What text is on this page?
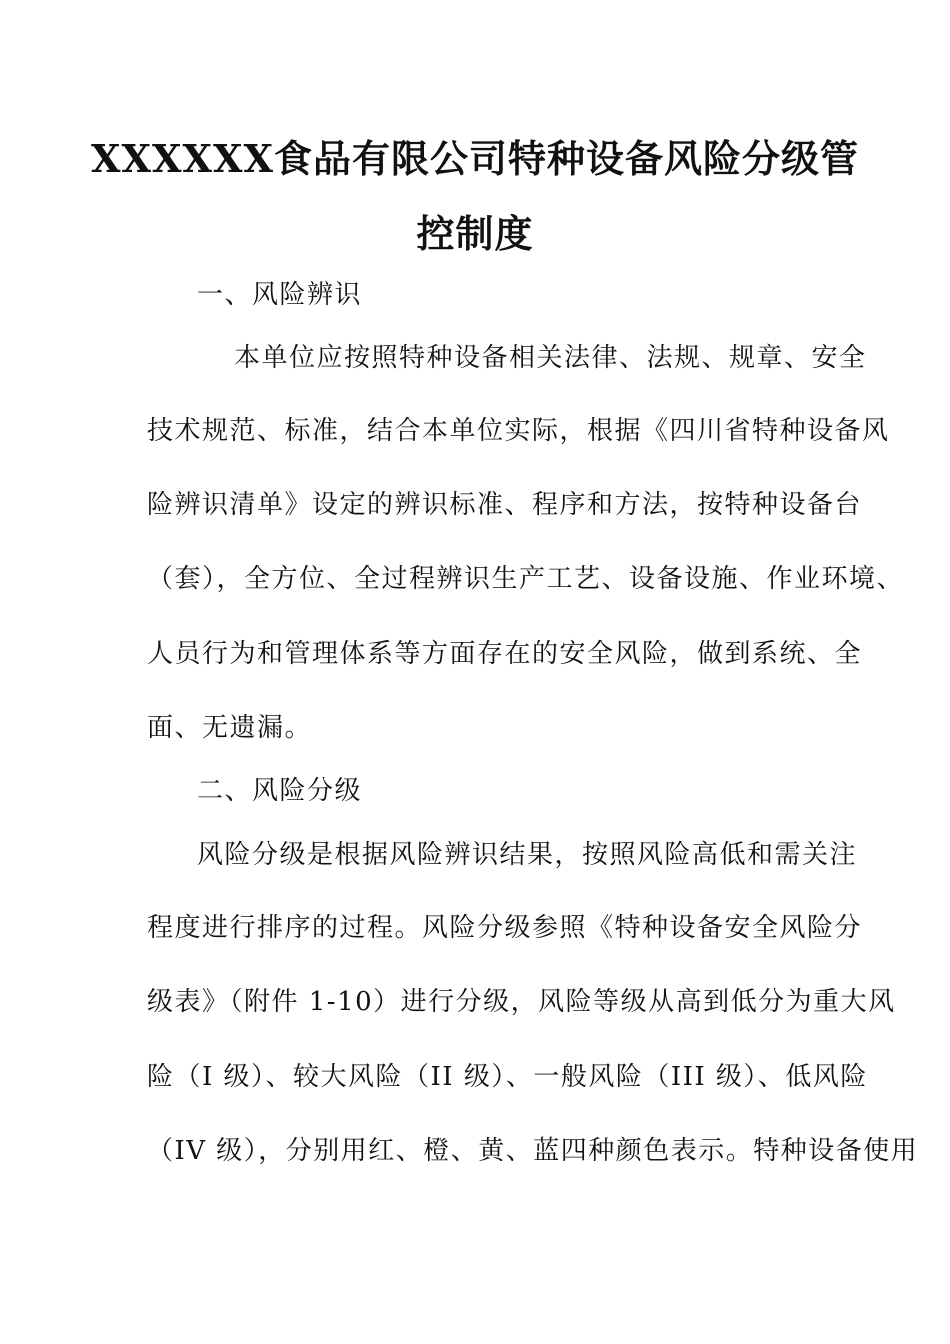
XXXXXX食品有限公司特种设备风险分级管
控制度
一、风险辨识
本单位应按照特种设备相关法律、法规、规章、安全
技术规范、标准，结合本单位实际，根据《四川省特种设备风
险辨识清单》设定的辨识标准、程序和方法，按特种设备台
（套），全方位、全过程辨识生产工艺、设备设施、作业环境、
人员行为和管理体系等方面存在的安全风险，做到系统、全
面、无遗漏。
二、风险分级
风险分级是根据风险辨识结果，按照风险高低和需关注
程度进行排序的过程。风险分级参照《特种设备安全风险分
级表》（附件 1-10）进行分级，风险等级从高到低分为重大风
险（I 级）、较大风险（II 级）、一般风险（III 级）、低风险
（IV 级），分别用红、橙、黄、蓝四种颜色表示。特种设备使用
